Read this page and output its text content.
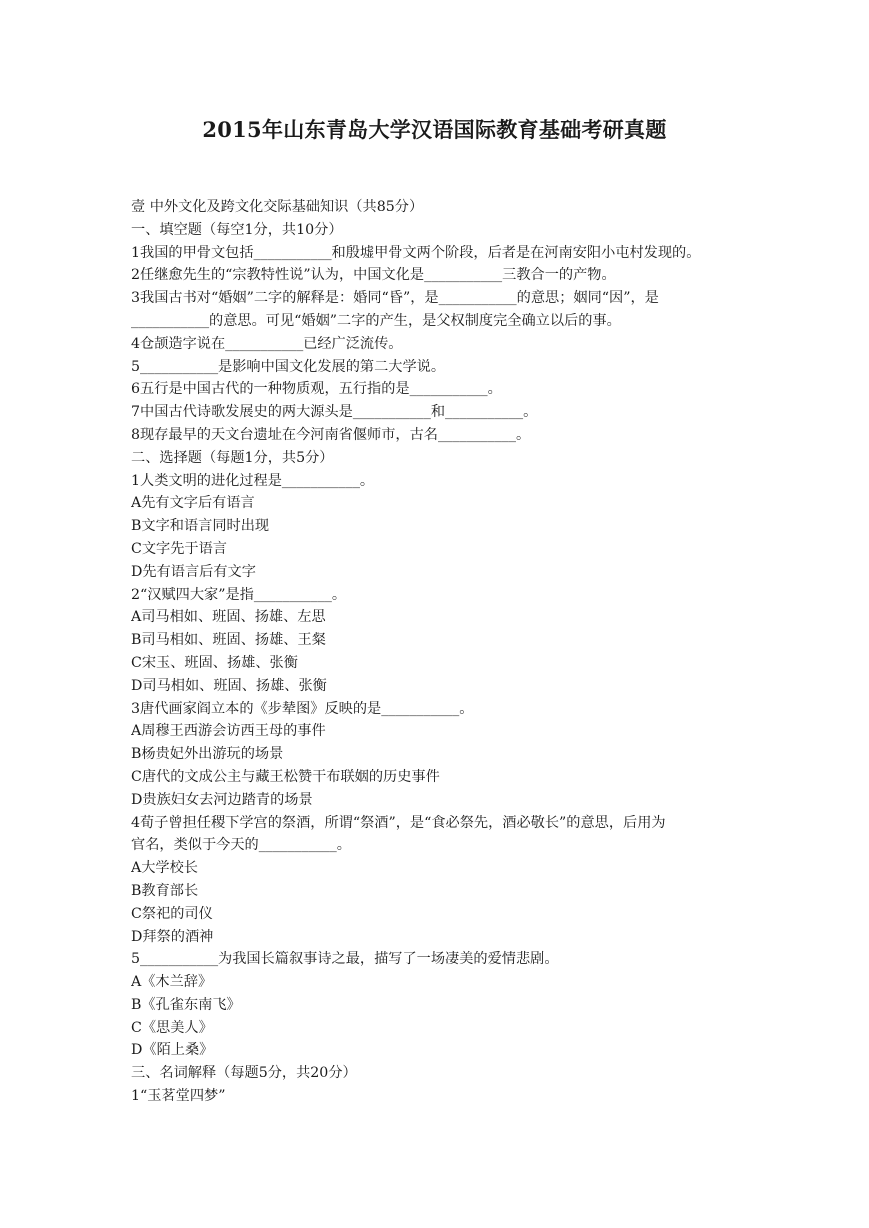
2015年山东青岛大学汉语国际教育基础考研真题
壹 中外文化及跨文化交际基础知识（共85分）
一、填空题（每空1分，共10分）
1我国的甲骨文包括___________和殷墟甲骨文两个阶段，后者是在河南安阳小屯村发现的。
2任继愈先生的“宗教特性说”认为，中国文化是___________三教合一的产物。
3我国古书对“婚姻”二字的解释是：婚同“昏”，是___________的意思；姻同“因”，是
___________的意思。可见“婚姻”二字的产生，是父权制度完全确立以后的事。
4仓颉造字说在___________已经广泛流传。
5___________是影响中国文化发展的第二大学说。
6五行是中国古代的一种物质观，五行指的是___________。
7中国古代诗歌发展史的两大源头是___________和___________。
8现存最早的天文台遗址在今河南省偃师市，古名___________。
二、选择题（每题1分，共5分）
1人类文明的进化过程是___________。
A先有文字后有语言
B文字和语言同时出现
C文字先于语言
D先有语言后有文字
2“汉赋四大家”是指___________。
A司马相如、班固、扬雄、左思
B司马相如、班固、扬雄、王粲
C宋玉、班固、扬雄、张衡
D司马相如、班固、扬雄、张衡
3唐代画家阎立本的《步辇图》反映的是___________。
A周穆王西游会访西王母的事件
B杨贵妃外出游玩的场景
C唐代的文成公主与藏王松赞干布联姻的历史事件
D贵族妇女去河边踏青的场景
4荀子曾担任稷下学宫的祭酒，所谓“祭酒”，是“食必祭先，酒必敬长”的意思，后用为
官名，类似于今天的___________。
A大学校长
B教育部长
C祭祀的司仪
D拜祭的酒神
5___________为我国长篇叙事诗之最，描写了一场凄美的爱情悲剧。
A《木兰辞》
B《孔雀东南飞》
C《思美人》
D《陌上桑》
三、名词解释（每题5分，共20分）
1“玉茗堂四梦”
